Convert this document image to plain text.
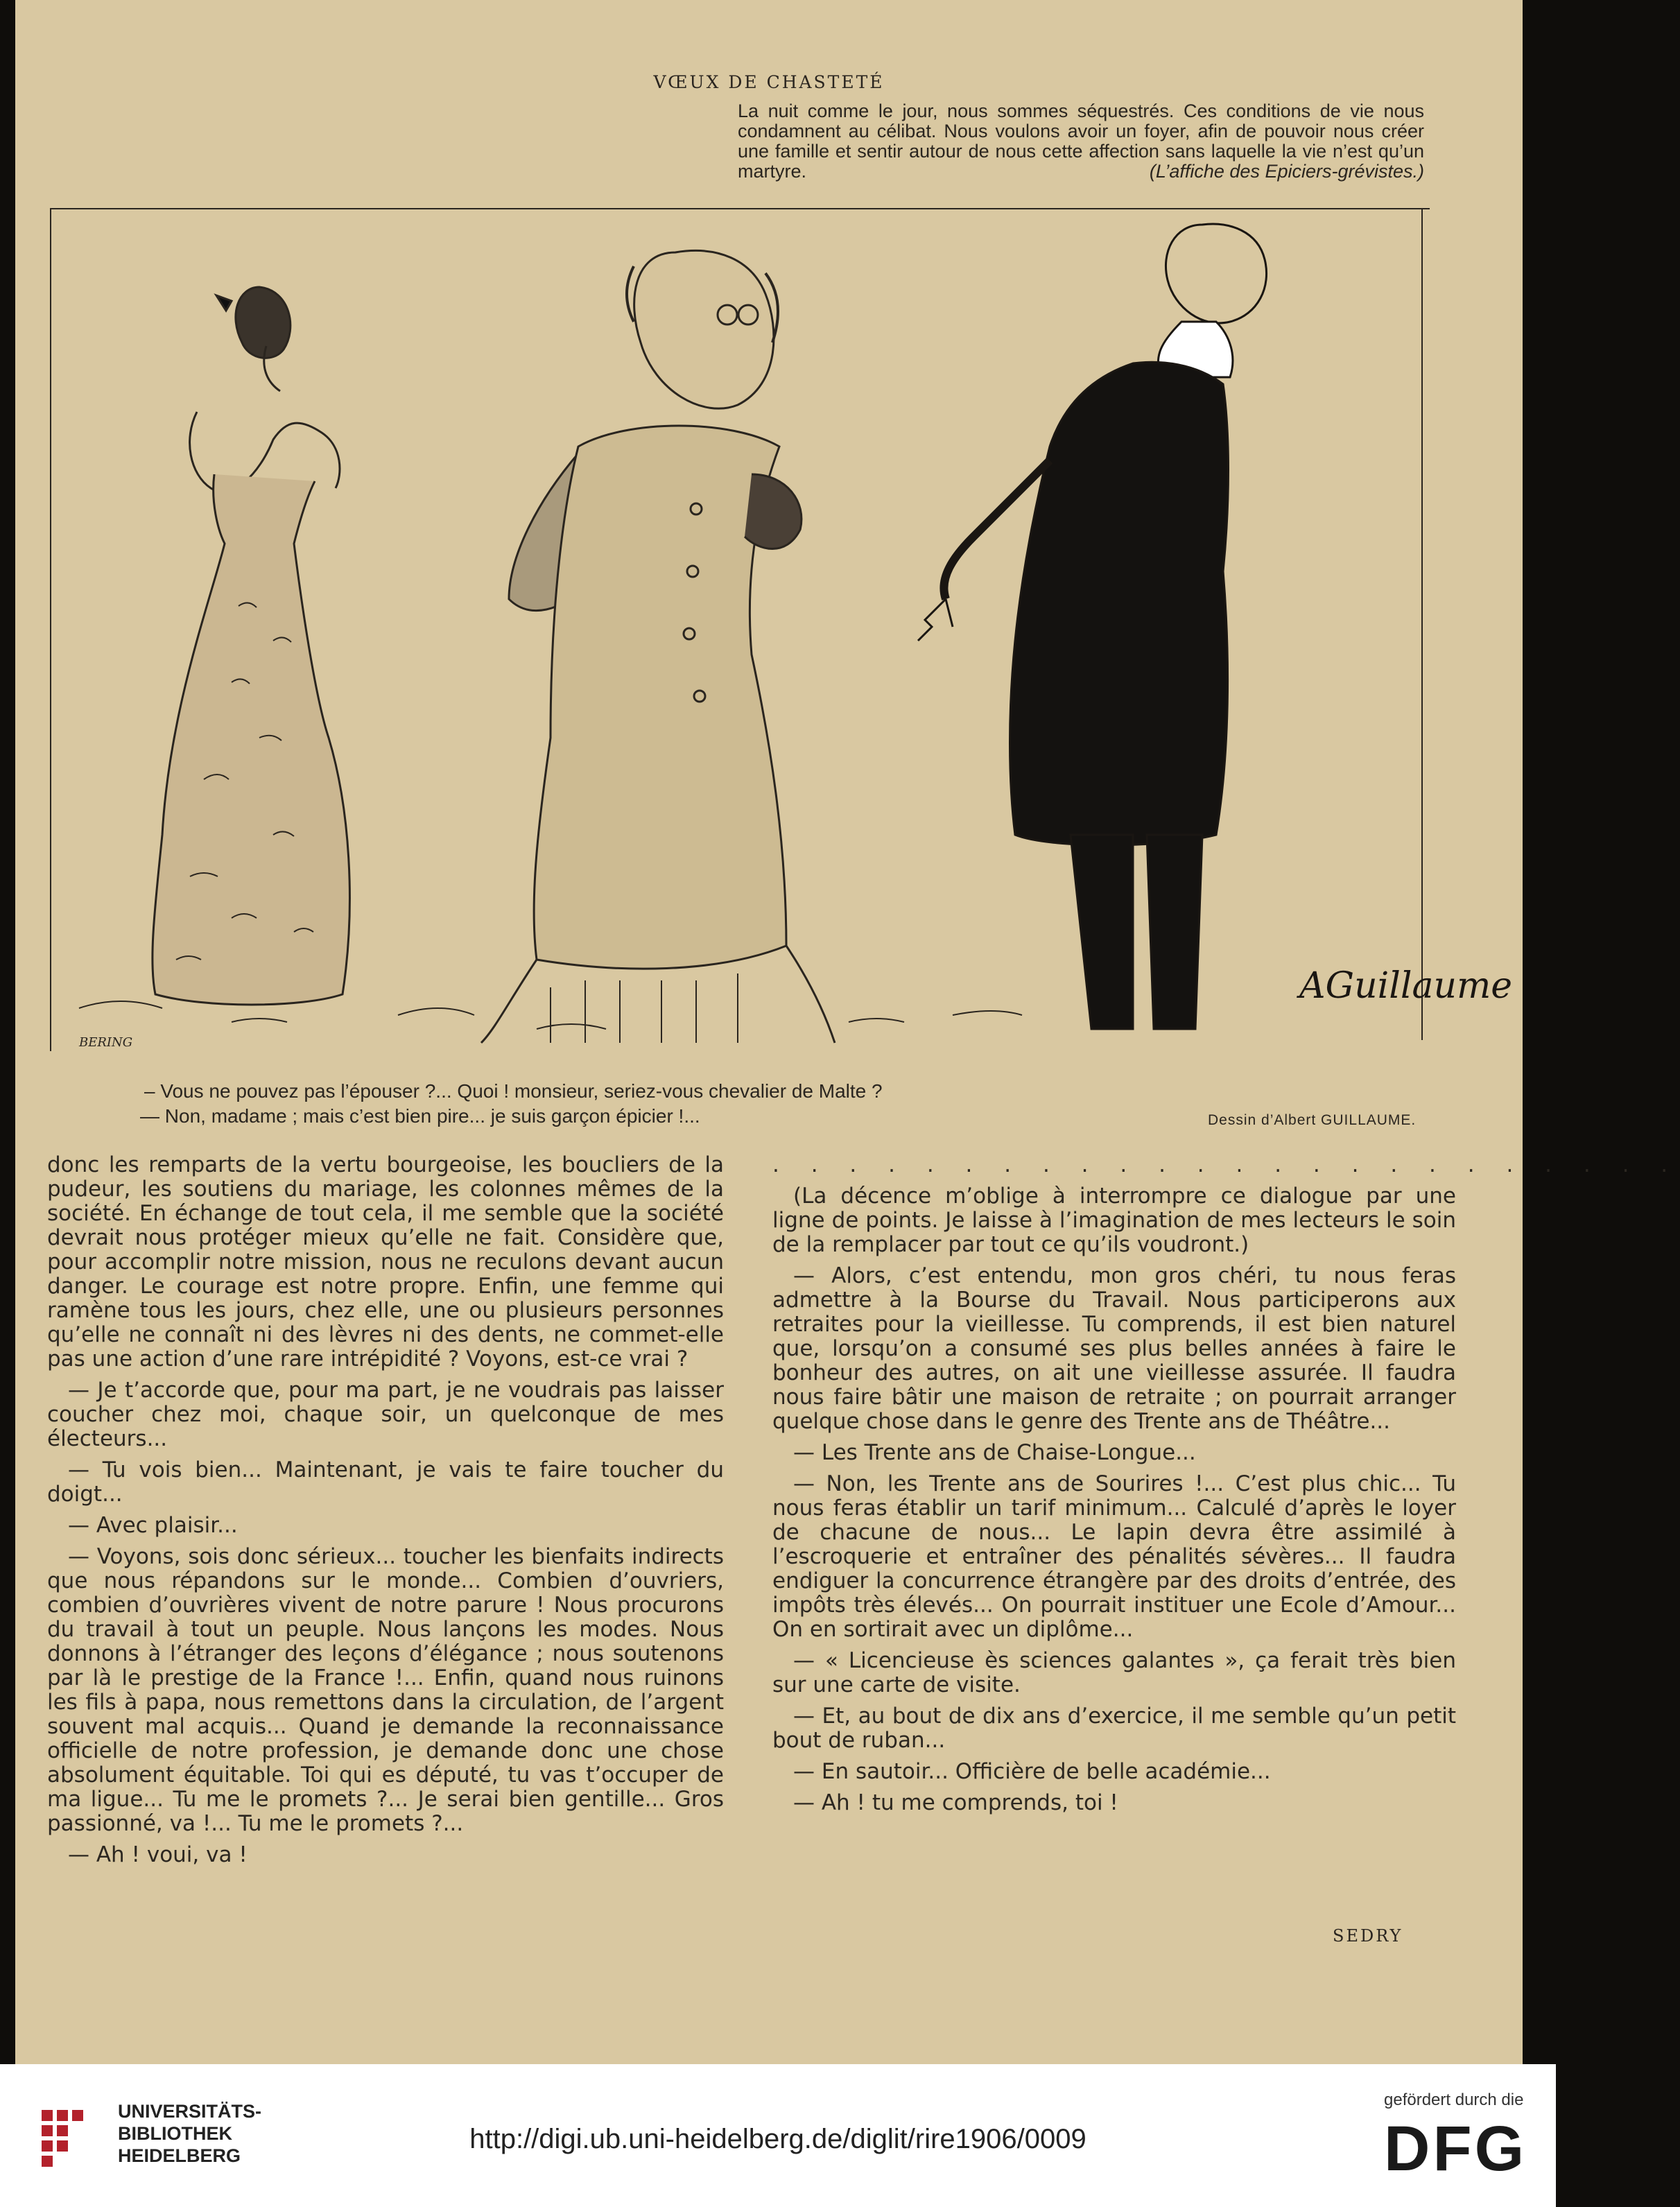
VŒUX DE CHASTETÉ
La nuit comme le jour, nous sommes séquestrés. Ces conditions de vie nous condamnent au célibat. Nous voulons avoir un foyer, afin de pouvoir nous créer une famille et sentir autour de nous cette affection sans laquelle la vie n’est qu’un martyre.	(L’affiche des Epiciers-grévistes.)
AGuillaume
BERING
– Vous ne pouvez pas l’épouser ?... Quoi ! monsieur, seriez-vous chevalier de Malte ?
— Non, madame ; mais c’est bien pire... je suis garçon épicier !...	Dessin d’Albert GUILLAUME.

donc les remparts de la vertu bourgeoise, les boucliers de la pudeur, les soutiens du mariage, les colonnes mêmes de la société. En échange de tout cela, il me semble que la société devrait nous protéger mieux qu’elle ne fait. Considère que, pour accomplir notre mission, nous ne reculons devant aucun danger. Le courage est notre propre. Enfin, une femme qui ramène tous les jours, chez elle, une ou plusieurs personnes qu’elle ne connaît ni des lèvres ni des dents, ne commet-elle pas une action d’une rare intrépidité ? Voyons, est-ce vrai ?

— Je t’accorde que, pour ma part, je ne voudrais pas laisser coucher chez moi, chaque soir, un quelconque de mes électeurs...

— Tu vois bien... Maintenant, je vais te faire toucher du doigt...

— Avec plaisir...

— Voyons, sois donc sérieux... toucher les bienfaits indirects que nous répandons sur le monde... Combien d’ouvriers, combien d’ouvrières vivent de notre parure ! Nous procurons du travail à tout un peuple. Nous lançons les modes. Nous donnons à l’étranger des leçons d’élégance ; nous soutenons par là le prestige de la France !... Enfin, quand nous ruinons les fils à papa, nous remettons dans la circulation, de l’argent souvent mal acquis... Quand je demande la reconnaissance officielle de notre profession, je demande donc une chose absolument équitable. Toi qui es député, tu vas t’occuper de ma ligue... Tu me le promets ?... Je serai bien gentille... Gros passionné, va !... Tu me le promets ?...

— Ah ! voui, va !

. . . . . . . . . . . . . . . . . . . . . . . .

(La décence m’oblige à interrompre ce dialogue par une ligne de points. Je laisse à l’imagination de mes lecteurs le soin de la remplacer par tout ce qu’ils voudront.)

— Alors, c’est entendu, mon gros chéri, tu nous feras admettre à la Bourse du Travail. Nous participerons aux retraites pour la vieillesse. Tu comprends, il est bien naturel que, lorsqu’on a consumé ses plus belles années à faire le bonheur des autres, on ait une vieillesse assurée. Il faudra nous faire bâtir une maison de retraite ; on pourrait arranger quelque chose dans le genre des Trente ans de Théâtre...

— Les Trente ans de Chaise-Longue...

— Non, les Trente ans de Sourires !... C’est plus chic... Tu nous feras établir un tarif minimum... Calculé d’après le loyer de chacune de nous... Le lapin devra être assimilé à l’escroquerie et entraîner des pénalités sévères... Il faudra endiguer la concurrence étrangère par des droits d’entrée, des impôts très élevés... On pourrait instituer une Ecole d’Amour... On en sortirait avec un diplôme...

— « Licencieuse ès sciences galantes », ça ferait très bien sur une carte de visite.

— Et, au bout de dix ans d’exercice, il me semble qu’un petit bout de ruban...

— En sautoir... Officière de belle académie...

— Ah ! tu me comprends, toi !

SEDRY
UNIVERSITÄTS-
BIBLIOTHEK
HEIDELBERG
http://digi.ub.uni-heidelberg.de/diglit/rire1906/0009
gefördert durch die
DFG
